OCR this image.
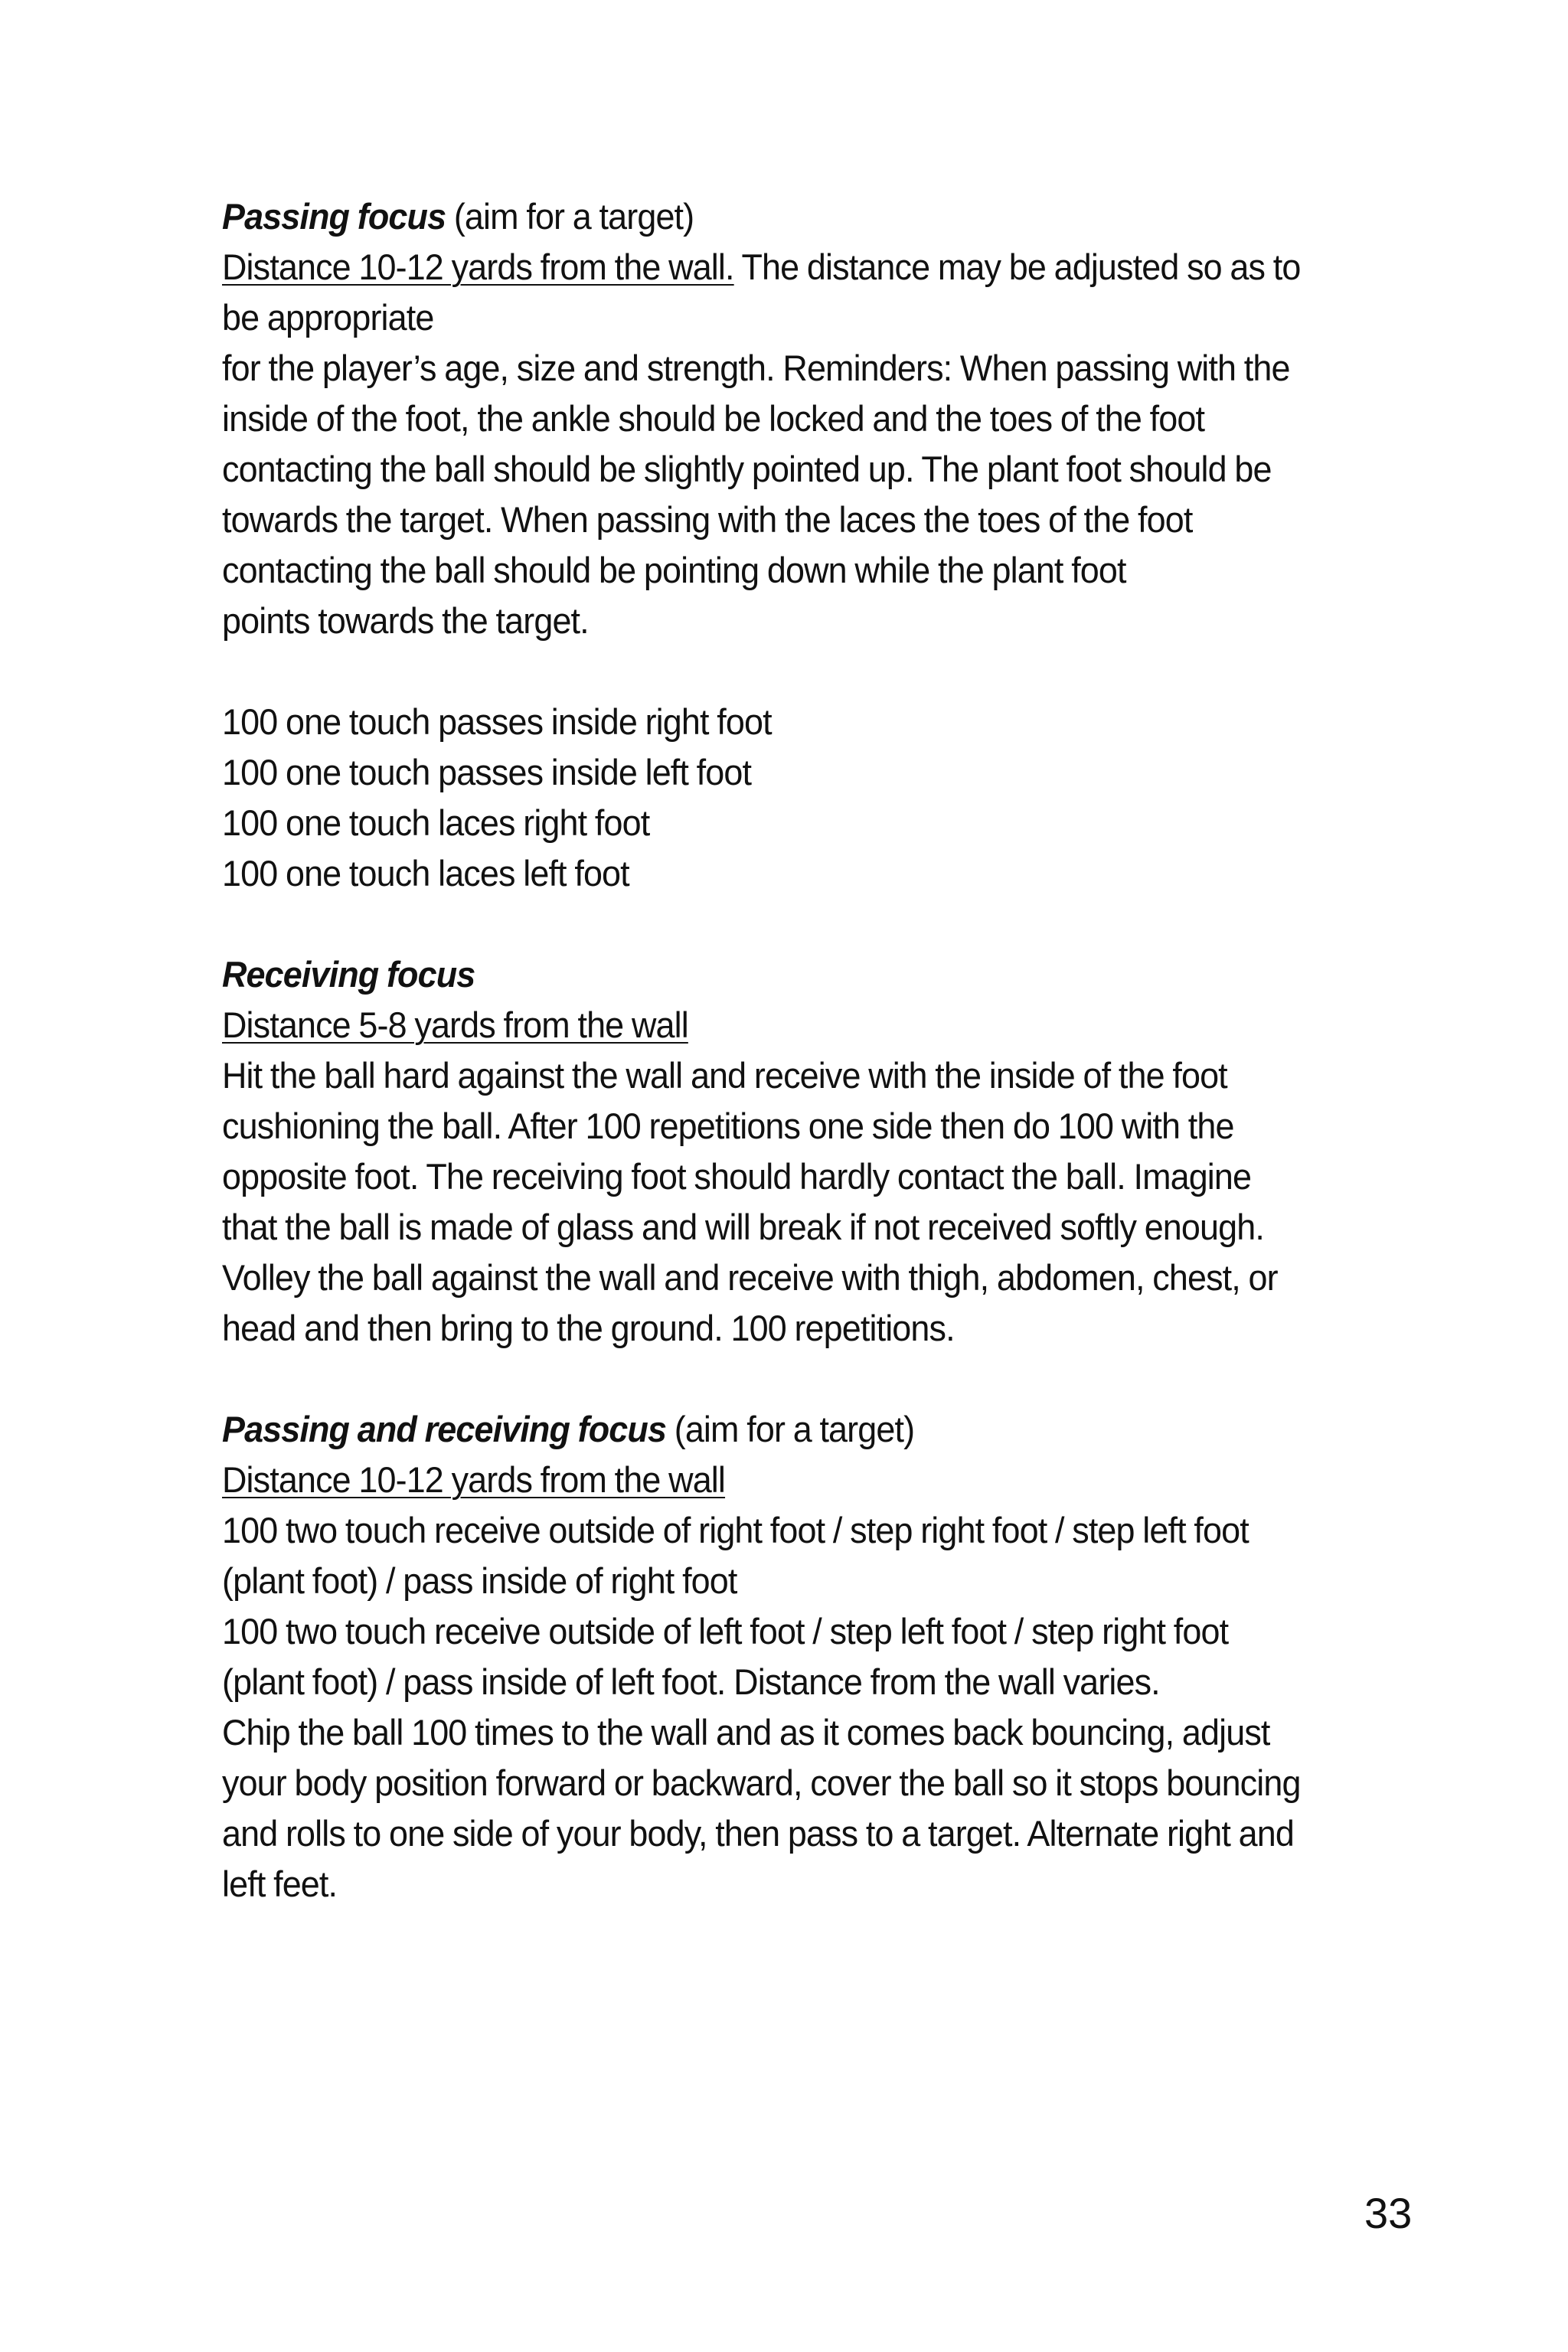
Passing focus (aim for a target)
Distance 10-12 yards from the wall. The distance may be adjusted so as to
be appropriate
for the player’s age, size and strength. Reminders: When passing with the
inside of the foot, the ankle should be locked and the toes of the foot
contacting the ball should be slightly pointed up. The plant foot should be
towards the target. When passing with the laces the toes of the foot
contacting the ball should be pointing down while the plant foot
points towards the target.
100 one touch passes inside right foot
100 one touch passes inside left foot
100 one touch laces right foot
100 one touch laces left foot
Receiving focus
Distance 5-8 yards from the wall
Hit the ball hard against the wall and receive with the inside of the foot
cushioning the ball. After 100 repetitions one side then do 100 with the
opposite foot. The receiving foot should hardly contact the ball. Imagine
that the ball is made of glass and will break if not received softly enough.
Volley the ball against the wall and receive with thigh, abdomen, chest, or
head and then bring to the ground. 100 repetitions.
Passing and receiving focus (aim for a target)
Distance 10-12 yards from the wall
100 two touch receive outside of right foot / step right foot / step left foot
(plant foot) / pass inside of right foot
100 two touch receive outside of left foot / step left foot / step right foot
(plant foot) / pass inside of left foot. Distance from the wall varies.
Chip the ball 100 times to the wall and as it comes back bouncing, adjust
your body position forward or backward, cover the ball so it stops bouncing
and rolls to one side of your body, then pass to a target. Alternate right and
left feet.
33
